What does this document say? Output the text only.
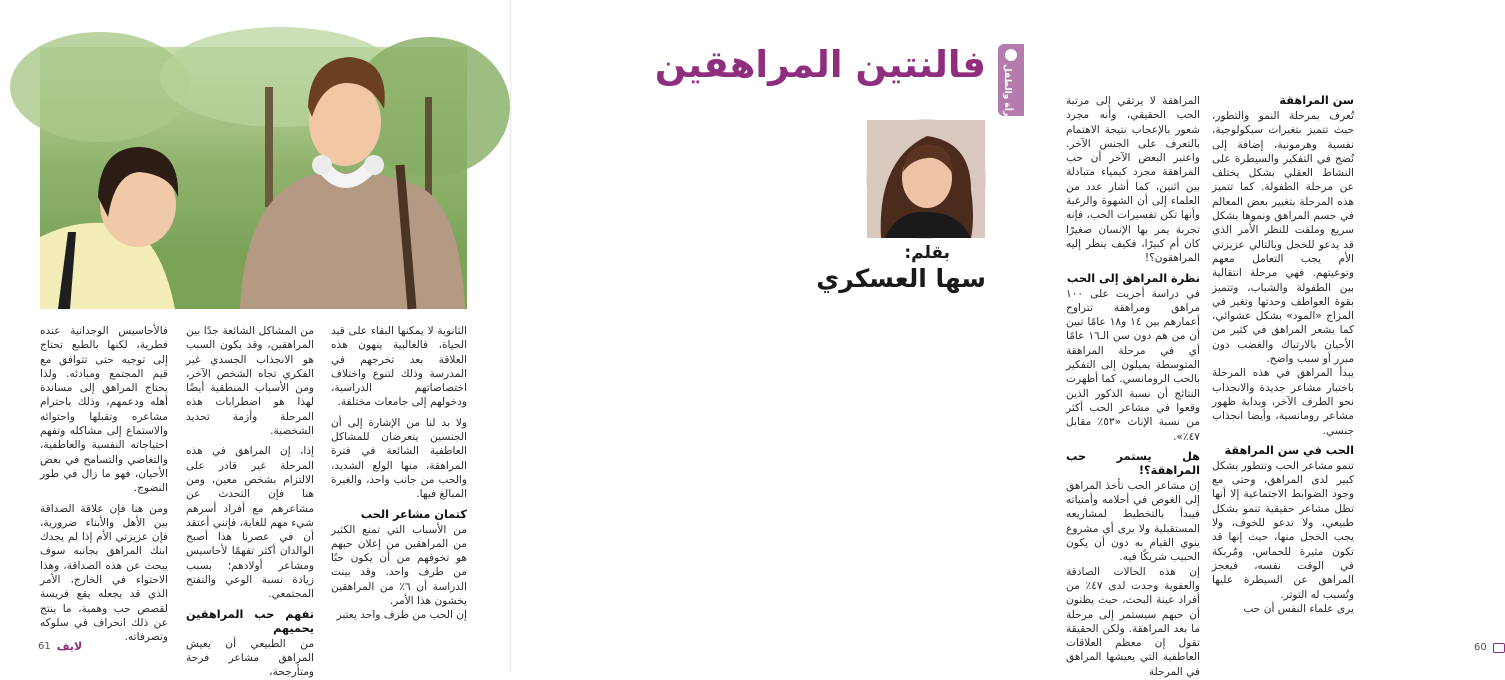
فالأحاسيس الوجدانية عنده فطرية، لكنها بالطبع تحتاج إلى توجيه حتى تتوافق مع قيم المجتمع ومبادئه. ولذا يحتاج المراهق إلى مساندة أهله ودعمهم، وذلك باحترام مشاعره وتقبلها واحتوائه والاستماع إلى مشاكله وتفهم احتياجاته النفسية والعاطفية، والتغاضي والتسامح في بعض الأحيان، فهو ما زال في طور النضوج.

ومن هنا فإن علاقة الصداقة بين الأهل والأبناء ضرورية، فإن عزيزتي الأم إذا لم يجدك ابنك المراهق بجانبه سوف يبحث عن هذه الصداقة، وهذا الاحتواء في الخارج، الأمر الذي قد يجعله يقع فريسة لقصص حب وهمية، ما ينتج عن ذلك انحراف في سلوكه وتصرفاته.

من المشاكل الشائعة جدًا بين المراهقين، وقد يكون السبب هو الانجذاب الجسدي غير الفكري تجاه الشخص الآخر، ومن الأسباب المنطقية أيضًا لهذا هو اضطرابات هذه المرحلة وأزمة تحديد الشخصية.

إذا، إن المراهق في هذه المرحلة غير قادر على الالتزام بشخص معين، ومن هنا فإن التحدث عن مشاعرهم مع أفراد أسرهم شيء مهم للغاية، فإنني أعتقد أن في عصرنا هذا أصبح الوالدان أكثر تفهمًا لأحاسيس ومشاعر أولادهم؛ بسبب زيادة نسبة الوعي والتفتح المجتمعي.

تفهم حب المراهقين يحميهم

من الطبيعي أن يعيش المراهق مشاعر فرحة ومتأرجحة،

الثانوية لا يمكنها البقاء على قيد الحياة، فالغالبية ينهون هذه العلاقة بعد تخرجهم في المدرسة وذلك لتنوع واختلاف اختصاصاتهم الدراسية، ودخولهم إلى جامعات مختلفة.

ولا بد لنا من الإشارة إلى أن الجنسين يتعرضان للمشاكل العاطفية الشائعة في فترة المراهقة، منها الولع الشديد، والحب من جانب واحد، والغيرة المبالغ فيها.

كتمان مشاعر الحب

من الأسباب التي تمنع الكثير من المراهقين من إعلان حبهم هو تخوفهم من أن يكون حبًا من طرف واحد. وقد بينت الدراسة أن ٦٪ من المراهقين يخشون هذا الأمر.

إن الحب من طرف واحد يعتبر

61 لايف

المراهقة لا يرتقي إلى مرتبة الحب الحقيقي، وأنه مجرد شعور بالإعجاب نتيجة الاهتمام بالتعرف على الجنس الآخر. واعتبر البعض الآخر أن حب المراهقة مجرد كيمياء متبادلة بين اثنين، كما أشار عدد من العلماء إلى أن الشهوة والرغبة وأنها تكن تفسيرات الحب، فإنه تجربة يمر بها الإنسان صغيرًا كان أم كبيرًا، فكيف ينظر إليه المراهقون؟!

نظرة المراهق إلى الحب

في دراسة أجريت على ١٠٠ مراهق ومراهقة تتراوح أعمارهم بين ١٤ و١٨ عامًا تبين أن من هم دون سن الـ١٦ عامًا أي في مرحلة المراهقة المتوسطة يميلون إلى التفكير بالحب الرومانسي. كما أظهرت النتائج أن نسبة الذكور الذين وقعوا في مشاعر الحب أكثر من نسبة الإناث «٥٣٪ مقابل ٤٧٪».

هل يستمر حب المراهقة؟!

إن مشاعر الحب تأخذ المراهق إلى الغوص في أحلامه وأمنياته فيبدأ بالتخطيط لمشاريعه المستقبلية ولا يرى أي مشروع ينوي القيام به دون أن يكون الحبيب شريكًا فيه.

إن هذه الحالات الصادقة والعفوية وجدت لدى ٤٧٪ من أفراد عينة البحث، حيث يظنون أن حبهم سيستمر إلى مرحلة ما بعد المراهقة. ولكن الحقيقة تقول إن معظم العلاقات العاطفية التي يعيشها المراهق في المرحلة

سن المراهقة

تُعرف بمرحلة النمو والتطور، حيث تتميز بتغيرات سيكولوجية، نفسية وهرمونية، إضافة إلى نُضج في التفكير والسيطرة على النشاط العقلي بشكل يختلف عن مرحلة الطفولة. كما تتميز هذه المرحلة بتغيير بعض المعالم في جسم المراهق ونموها بشكل سريع وملفت للنظر الأمر الذي قد يدعو للخجل وبالتالي عزيزتي الأم يجب التعامل معهم وتوعيتهم. فهي مرحلة انتقالية بين الطفولة والشباب، وتتميز بقوة العواطف وحدتها وتغير في المزاج «المود» بشكل عشوائي، كما يشعر المراهق في كثير من الأحيان بالارتباك والغضب دون مبرر أو سبب واضح.

يبدأ المراهق في هذه المرحلة باختبار مشاعر جديدة والانجذاب نحو الطرف الآخر، وبداية ظهور مشاعر رومانسية، وأيضا انجذاب جنسي.

الحب في سن المراهقة

تنمو مشاعر الحب وتتطور بشكل كبير لدى المراهق، وحتى مع وجود الضوابط الاجتماعية إلا أنها تظل مشاعر حقيقية تنمو بشكل طبيعي، ولا تدعو للخوف، ولا يجب الخجل منها، حيث إنها قد تكون مثيرة للحماس، ومُربكة في الوقت نفسه، فيعجز المراهق عن السيطرة عليها وتُسبب له التوتر.

يرى علماء النفس أن حب

60
فالنتين المراهقين المرأة والطفل
بقلم:
سها العسكري
